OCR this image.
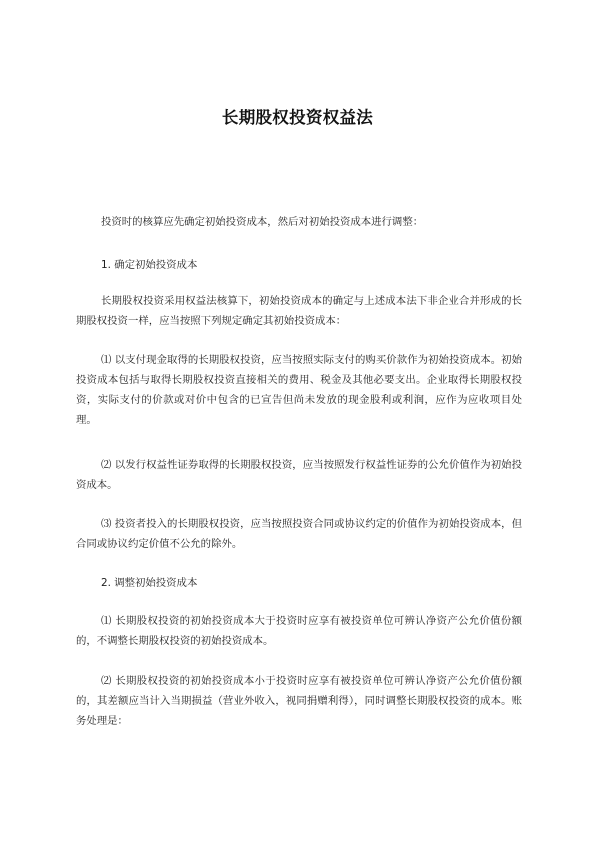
长期股权投资权益法

投资时的核算应先确定初始投资成本，然后对初始投资成本进行调整：

1. 确定初始投资成本

长期股权投资采用权益法核算下，初始投资成本的确定与上述成本法下非企业合并形成的长期股权投资一样，应当按照下列规定确定其初始投资成本：

⑴ 以支付现金取得的长期股权投资，应当按照实际支付的购买价款作为初始投资成本。初始投资成本包括与取得长期股权投资直接相关的费用、税金及其他必要支出。企业取得长期股权投资，实际支付的价款或对价中包含的已宣告但尚未发放的现金股利或利润，应作为应收项目处理。

⑵ 以发行权益性证券取得的长期股权投资，应当按照发行权益性证券的公允价值作为初始投资成本。

⑶ 投资者投入的长期股权投资，应当按照投资合同或协议约定的价值作为初始投资成本，但合同或协议约定价值不公允的除外。

2. 调整初始投资成本

⑴ 长期股权投资的初始投资成本大于投资时应享有被投资单位可辨认净资产公允价值份额的，不调整长期股权投资的初始投资成本。

⑵ 长期股权投资的初始投资成本小于投资时应享有被投资单位可辨认净资产公允价值份额的，其差额应当计入当期损益（营业外收入，视同捐赠利得），同时调整长期股权投资的成本。账务处理是：
